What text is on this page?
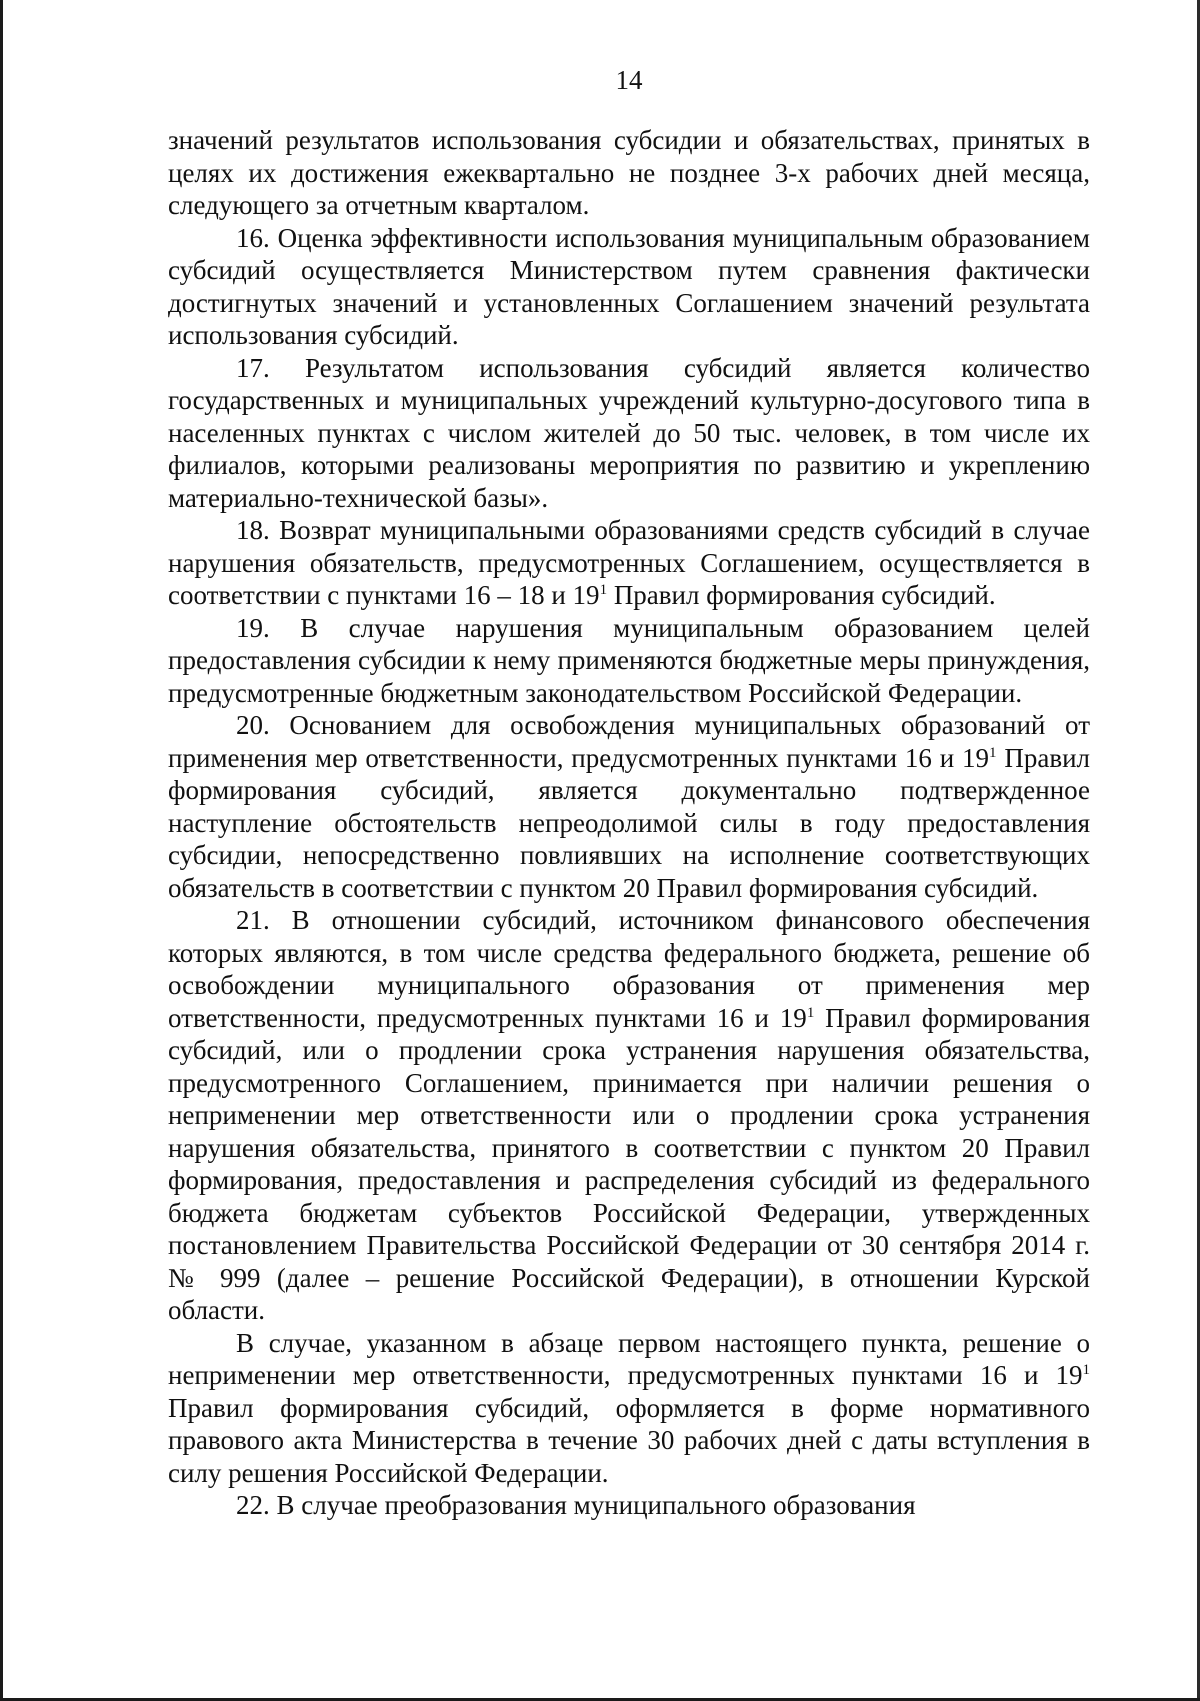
14

значений результатов использования субсидии и обязательствах, принятых в целях их достижения ежеквартально не позднее 3-х рабочих дней месяца, следующего за отчетным кварталом.

16. Оценка эффективности использования муниципальным образованием субсидий осуществляется Министерством путем сравнения фактически достигнутых значений и установленных Соглашением значений результата использования субсидий.

17. Результатом использования субсидий является количество государственных и муниципальных учреждений культурно-досугового типа в населенных пунктах с числом жителей до 50 тыс. человек, в том числе их филиалов, которыми реализованы мероприятия по развитию и укреплению материально-технической базы».

18. Возврат муниципальными образованиями средств субсидий в случае нарушения обязательств, предусмотренных Соглашением, осуществляется в соответствии с пунктами 16 – 18 и $19^1$ Правил формирования субсидий.

19. В случае нарушения муниципальным образованием целей предоставления субсидии к нему применяются бюджетные меры принуждения, предусмотренные бюджетным законодательством Российской Федерации.

20. Основанием для освобождения муниципальных образований от применения мер ответственности, предусмотренных пунктами 16 и $19^1$ Правил формирования субсидий, является документально подтвержденное наступление обстоятельств непреодолимой силы в году предоставления субсидии, непосредственно повлиявших на исполнение соответствующих обязательств в соответствии с пунктом 20 Правил формирования субсидий.

21. В отношении субсидий, источником финансового обеспечения которых являются, в том числе средства федерального бюджета, решение об освобождении муниципального образования от применения мер ответственности, предусмотренных пунктами 16 и $19^1$ Правил формирования субсидий, или о продлении срока устранения нарушения обязательства, предусмотренного Соглашением, принимается при наличии решения о неприменении мер ответственности или о продлении срока устранения нарушения обязательства, принятого в соответствии с пунктом 20 Правил формирования, предоставления и распределения субсидий из федерального бюджета бюджетам субъектов Российской Федерации, утвержденных постановлением Правительства Российской Федерации от 30 сентября 2014 г. № 999 (далее – решение Российской Федерации), в отношении Курской области.

В случае, указанном в абзаце первом настоящего пункта, решение о неприменении мер ответственности, предусмотренных пунктами 16 и $19^1$ Правил формирования субсидий, оформляется в форме нормативного правового акта Министерства в течение 30 рабочих дней с даты вступления в силу решения Российской Федерации.

22. В случае преобразования муниципального образования
